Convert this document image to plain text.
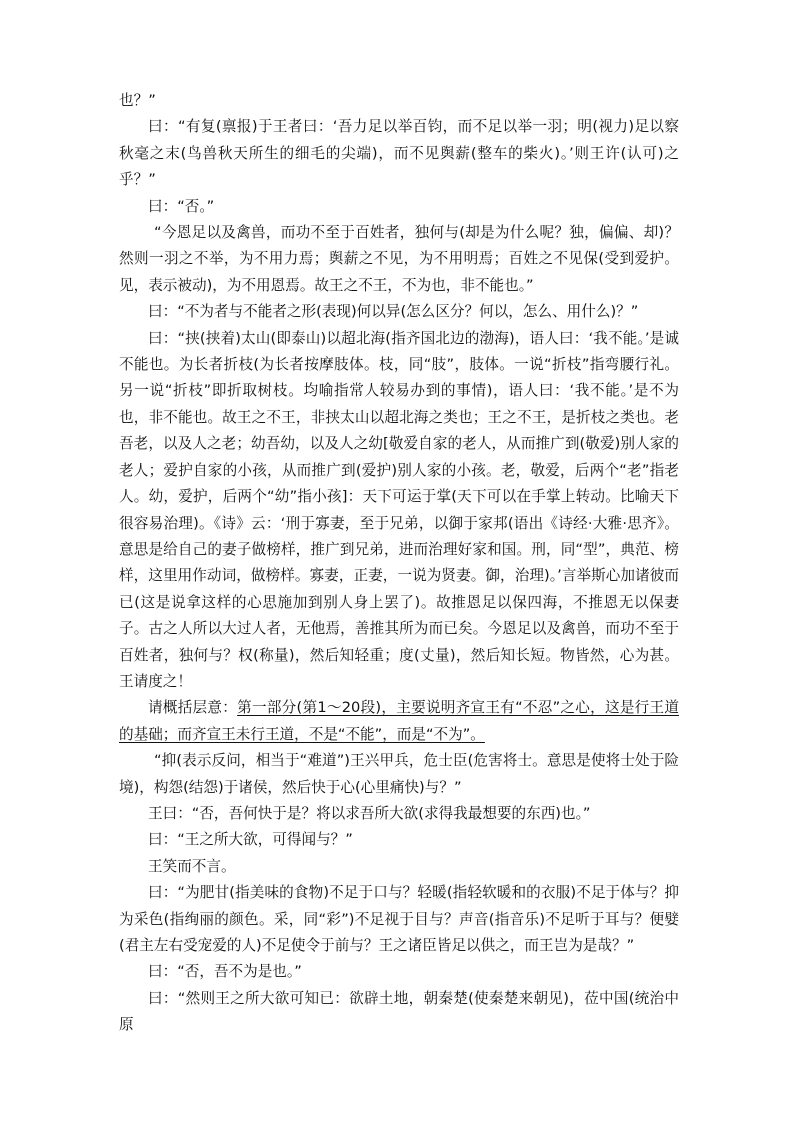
也？”

曰：“有复(禀报)于王者曰：‘吾力足以举百钧，而不足以举一羽；明(视力)足以察秋毫之末(鸟兽秋天所生的细毛的尖端)，而不见舆薪(整车的柴火)。’则王许(认可)之乎？”

曰：“否。”

“今恩足以及禽兽，而功不至于百姓者，独何与(却是为什么呢？独，偏偏、却)？然则一羽之不举，为不用力焉；舆薪之不见，为不用明焉；百姓之不见保(受到爱护。见，表示被动)，为不用恩焉。故王之不王，不为也，非不能也。”

曰：“不为者与不能者之形(表现)何以异(怎么区分？何以，怎么、用什么)？”

曰：“挟(挟着)太山(即泰山)以超北海(指齐国北边的渤海)，语人曰：‘我不能。’是诚不能也。为长者折枝(为长者按摩肢体。枝，同“肢”，肢体。一说“折枝”指弯腰行礼。另一说“折枝”即折取树枝。均喻指常人较易办到的事情)，语人曰：‘我不能。’是不为也，非不能也。故王之不王，非挟太山以超北海之类也；王之不王，是折枝之类也。老吾老，以及人之老；幼吾幼，以及人之幼[敬爱自家的老人，从而推广到(敬爱)别人家的老人；爱护自家的小孩，从而推广到(爱护)别人家的小孩。老，敬爱，后两个“老”指老人。幼，爱护，后两个“幼”指小孩]：天下可运于掌(天下可以在手掌上转动。比喻天下很容易治理)。《诗》云：‘刑于寡妻，至于兄弟，以御于家邦(语出《诗经·大雅·思齐》。意思是给自己的妻子做榜样，推广到兄弟，进而治理好家和国。刑，同“型”，典范、榜样，这里用作动词，做榜样。寡妻，正妻，一说为贤妻。御，治理)。’言举斯心加诸彼而已(这是说拿这样的心思施加到别人身上罢了)。故推恩足以保四海，不推恩无以保妻子。古之人所以大过人者，无他焉，善推其所为而已矣。今恩足以及禽兽，而功不至于百姓者，独何与？权(称量)，然后知轻重；度(丈量)，然后知长短。物皆然，心为甚。王请度之！

请概括层意：第一部分(第1～20段)，主要说明齐宣王有“不忍”之心，这是行王道的基础；而齐宣王未行王道，不是“不能”，而是“不为”。

“抑(表示反问，相当于“难道”)王兴甲兵，危士臣(危害将士。意思是使将士处于险境)，构怨(结怨)于诸侯，然后快于心(心里痛快)与？”

王曰：“否，吾何快于是？将以求吾所大欲(求得我最想要的东西)也。”

曰：“王之所大欲，可得闻与？”

王笑而不言。

曰：“为肥甘(指美味的食物)不足于口与？轻暖(指轻软暖和的衣服)不足于体与？抑为采色(指绚丽的颜色。采，同“彩”)不足视于目与？声音(指音乐)不足听于耳与？便嬖(君主左右受宠爱的人)不足使令于前与？王之诸臣皆足以供之，而王岂为是哉？”

曰：“否，吾不为是也。”

曰：“然则王之所大欲可知已：欲辟土地，朝秦楚(使秦楚来朝见)，莅中国(统治中原
